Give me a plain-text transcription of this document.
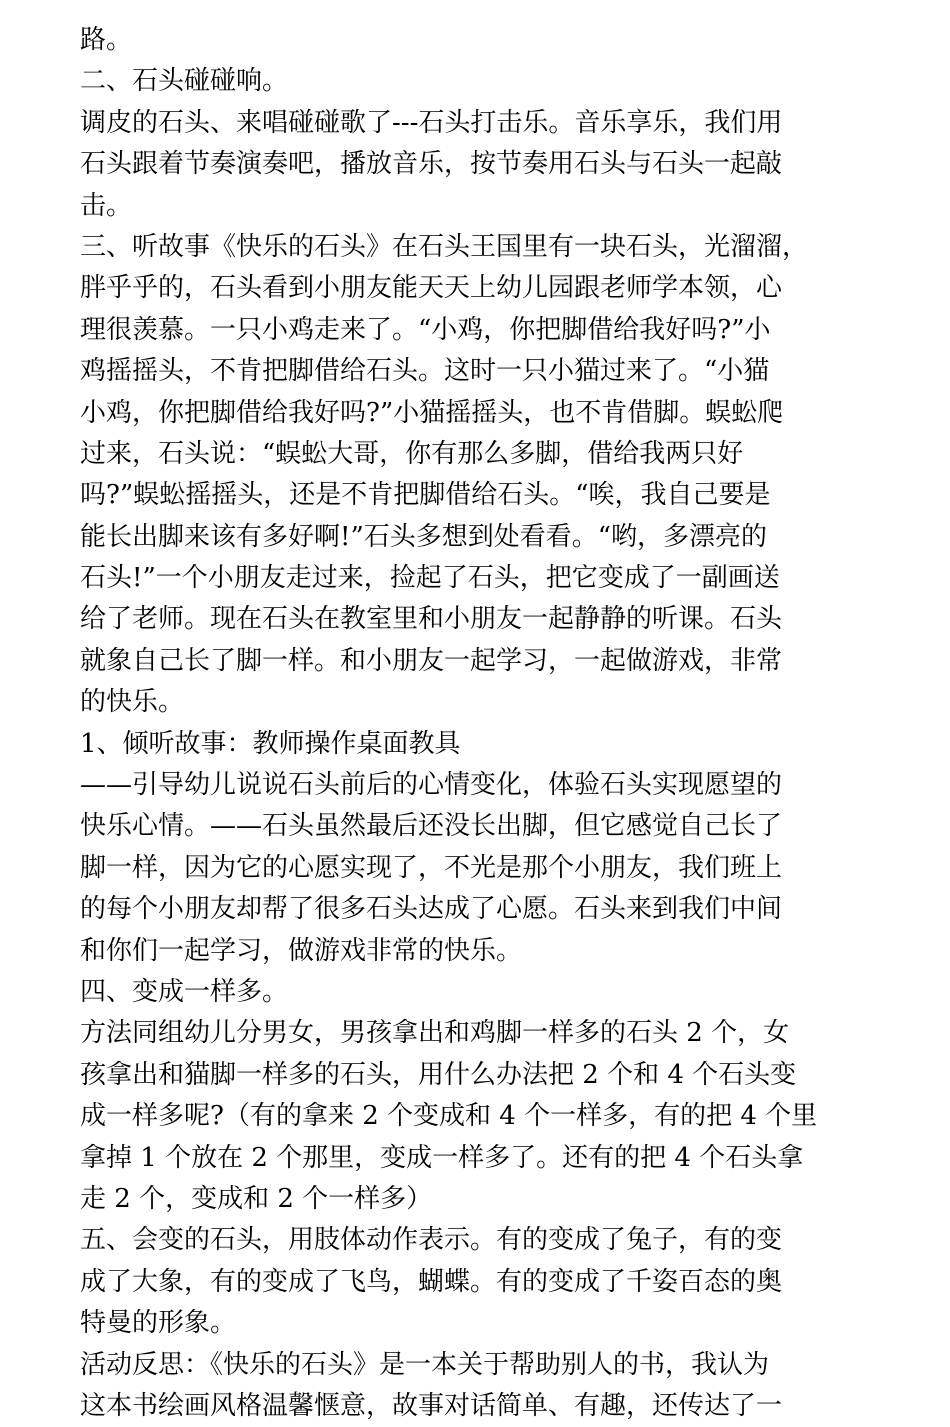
路。
二、石头碰碰响。
调皮的石头、来唱碰碰歌了---石头打击乐。音乐享乐，我们用
石头跟着节奏演奏吧，播放音乐，按节奏用石头与石头一起敲
击。
三、听故事《快乐的石头》在石头王国里有一块石头，光溜溜，
胖乎乎的，石头看到小朋友能天天上幼儿园跟老师学本领，心
理很羡慕。一只小鸡走来了。“小鸡，你把脚借给我好吗?”小
鸡摇摇头，不肯把脚借给石头。这时一只小猫过来了。“小猫
小鸡，你把脚借给我好吗?”小猫摇摇头，也不肯借脚。蜈蚣爬
过来，石头说：“蜈蚣大哥，你有那么多脚，借给我两只好
吗?”蜈蚣摇摇头，还是不肯把脚借给石头。“唉，我自己要是
能长出脚来该有多好啊!”石头多想到处看看。“哟，多漂亮的
石头!”一个小朋友走过来，捡起了石头，把它变成了一副画送
给了老师。现在石头在教室里和小朋友一起静静的听课。石头
就象自己长了脚一样。和小朋友一起学习，一起做游戏，非常
的快乐。
1、倾听故事：教师操作桌面教具
——引导幼儿说说石头前后的心情变化，体验石头实现愿望的
快乐心情。——石头虽然最后还没长出脚，但它感觉自己长了
脚一样，因为它的心愿实现了，不光是那个小朋友，我们班上
的每个小朋友却帮了很多石头达成了心愿。石头来到我们中间
和你们一起学习，做游戏非常的快乐。
四、变成一样多。
方法同组幼儿分男女，男孩拿出和鸡脚一样多的石头 2 个，女
孩拿出和猫脚一样多的石头，用什么办法把 2 个和 4 个石头变
成一样多呢?（有的拿来 2 个变成和 4 个一样多，有的把 4 个里
拿掉 1 个放在 2 个那里，变成一样多了。还有的把 4 个石头拿
走 2 个，变成和 2 个一样多）
五、会变的石头，用肢体动作表示。有的变成了兔子，有的变
成了大象，有的变成了飞鸟，蝴蝶。有的变成了千姿百态的奥
特曼的形象。
活动反思：《快乐的石头》是一本关于帮助别人的书，我认为
这本书绘画风格温馨惬意，故事对话简单、有趣，还传达了一
